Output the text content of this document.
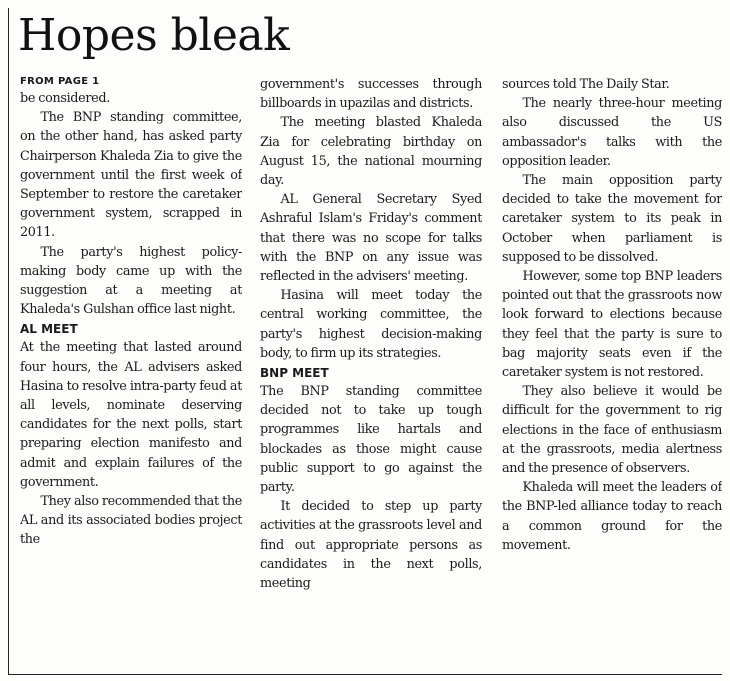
Hopes bleak
FROM PAGE 1

be considered.

The BNP standing committee, on the other hand, has asked party Chairperson Khaleda Zia to give the government until the first week of September to restore the caretaker government system, scrapped in 2011.

The party's highest policy-making body came up with the suggestion at a meeting at Khaleda's Gulshan office last night.

AL MEET

At the meeting that lasted around four hours, the AL advisers asked Hasina to resolve intra-party feud at all levels, nominate deserving candidates for the next polls, start preparing election manifesto and admit and explain failures of the government.

They also recommended that the AL and its associated bodies project the

government's successes through billboards in upazilas and districts.

The meeting blasted Khaleda Zia for celebrating birthday on August 15, the national mourning day.

AL General Secretary Syed Ashraful Islam's Friday's comment that there was no scope for talks with the BNP on any issue was reflected in the advisers' meeting.

Hasina will meet today the central working committee, the party's highest decision-making body, to firm up its strategies.

BNP MEET

The BNP standing committee decided not to take up tough programmes like hartals and blockades as those might cause public support to go against the party.

It decided to step up party activities at the grassroots level and find out appropriate persons as candidates in the next polls, meeting

sources told The Daily Star.

The nearly three-hour meeting also discussed the US ambassador's talks with the opposition leader.

The main opposition party decided to take the movement for caretaker system to its peak in October when parliament is supposed to be dissolved.

However, some top BNP leaders pointed out that the grassroots now look forward to elections because they feel that the party is sure to bag majority seats even if the caretaker system is not restored.

They also believe it would be difficult for the government to rig elections in the face of enthusiasm at the grassroots, media alertness and the presence of observers.

Khaleda will meet the leaders of the BNP-led alliance today to reach a common ground for the movement.
